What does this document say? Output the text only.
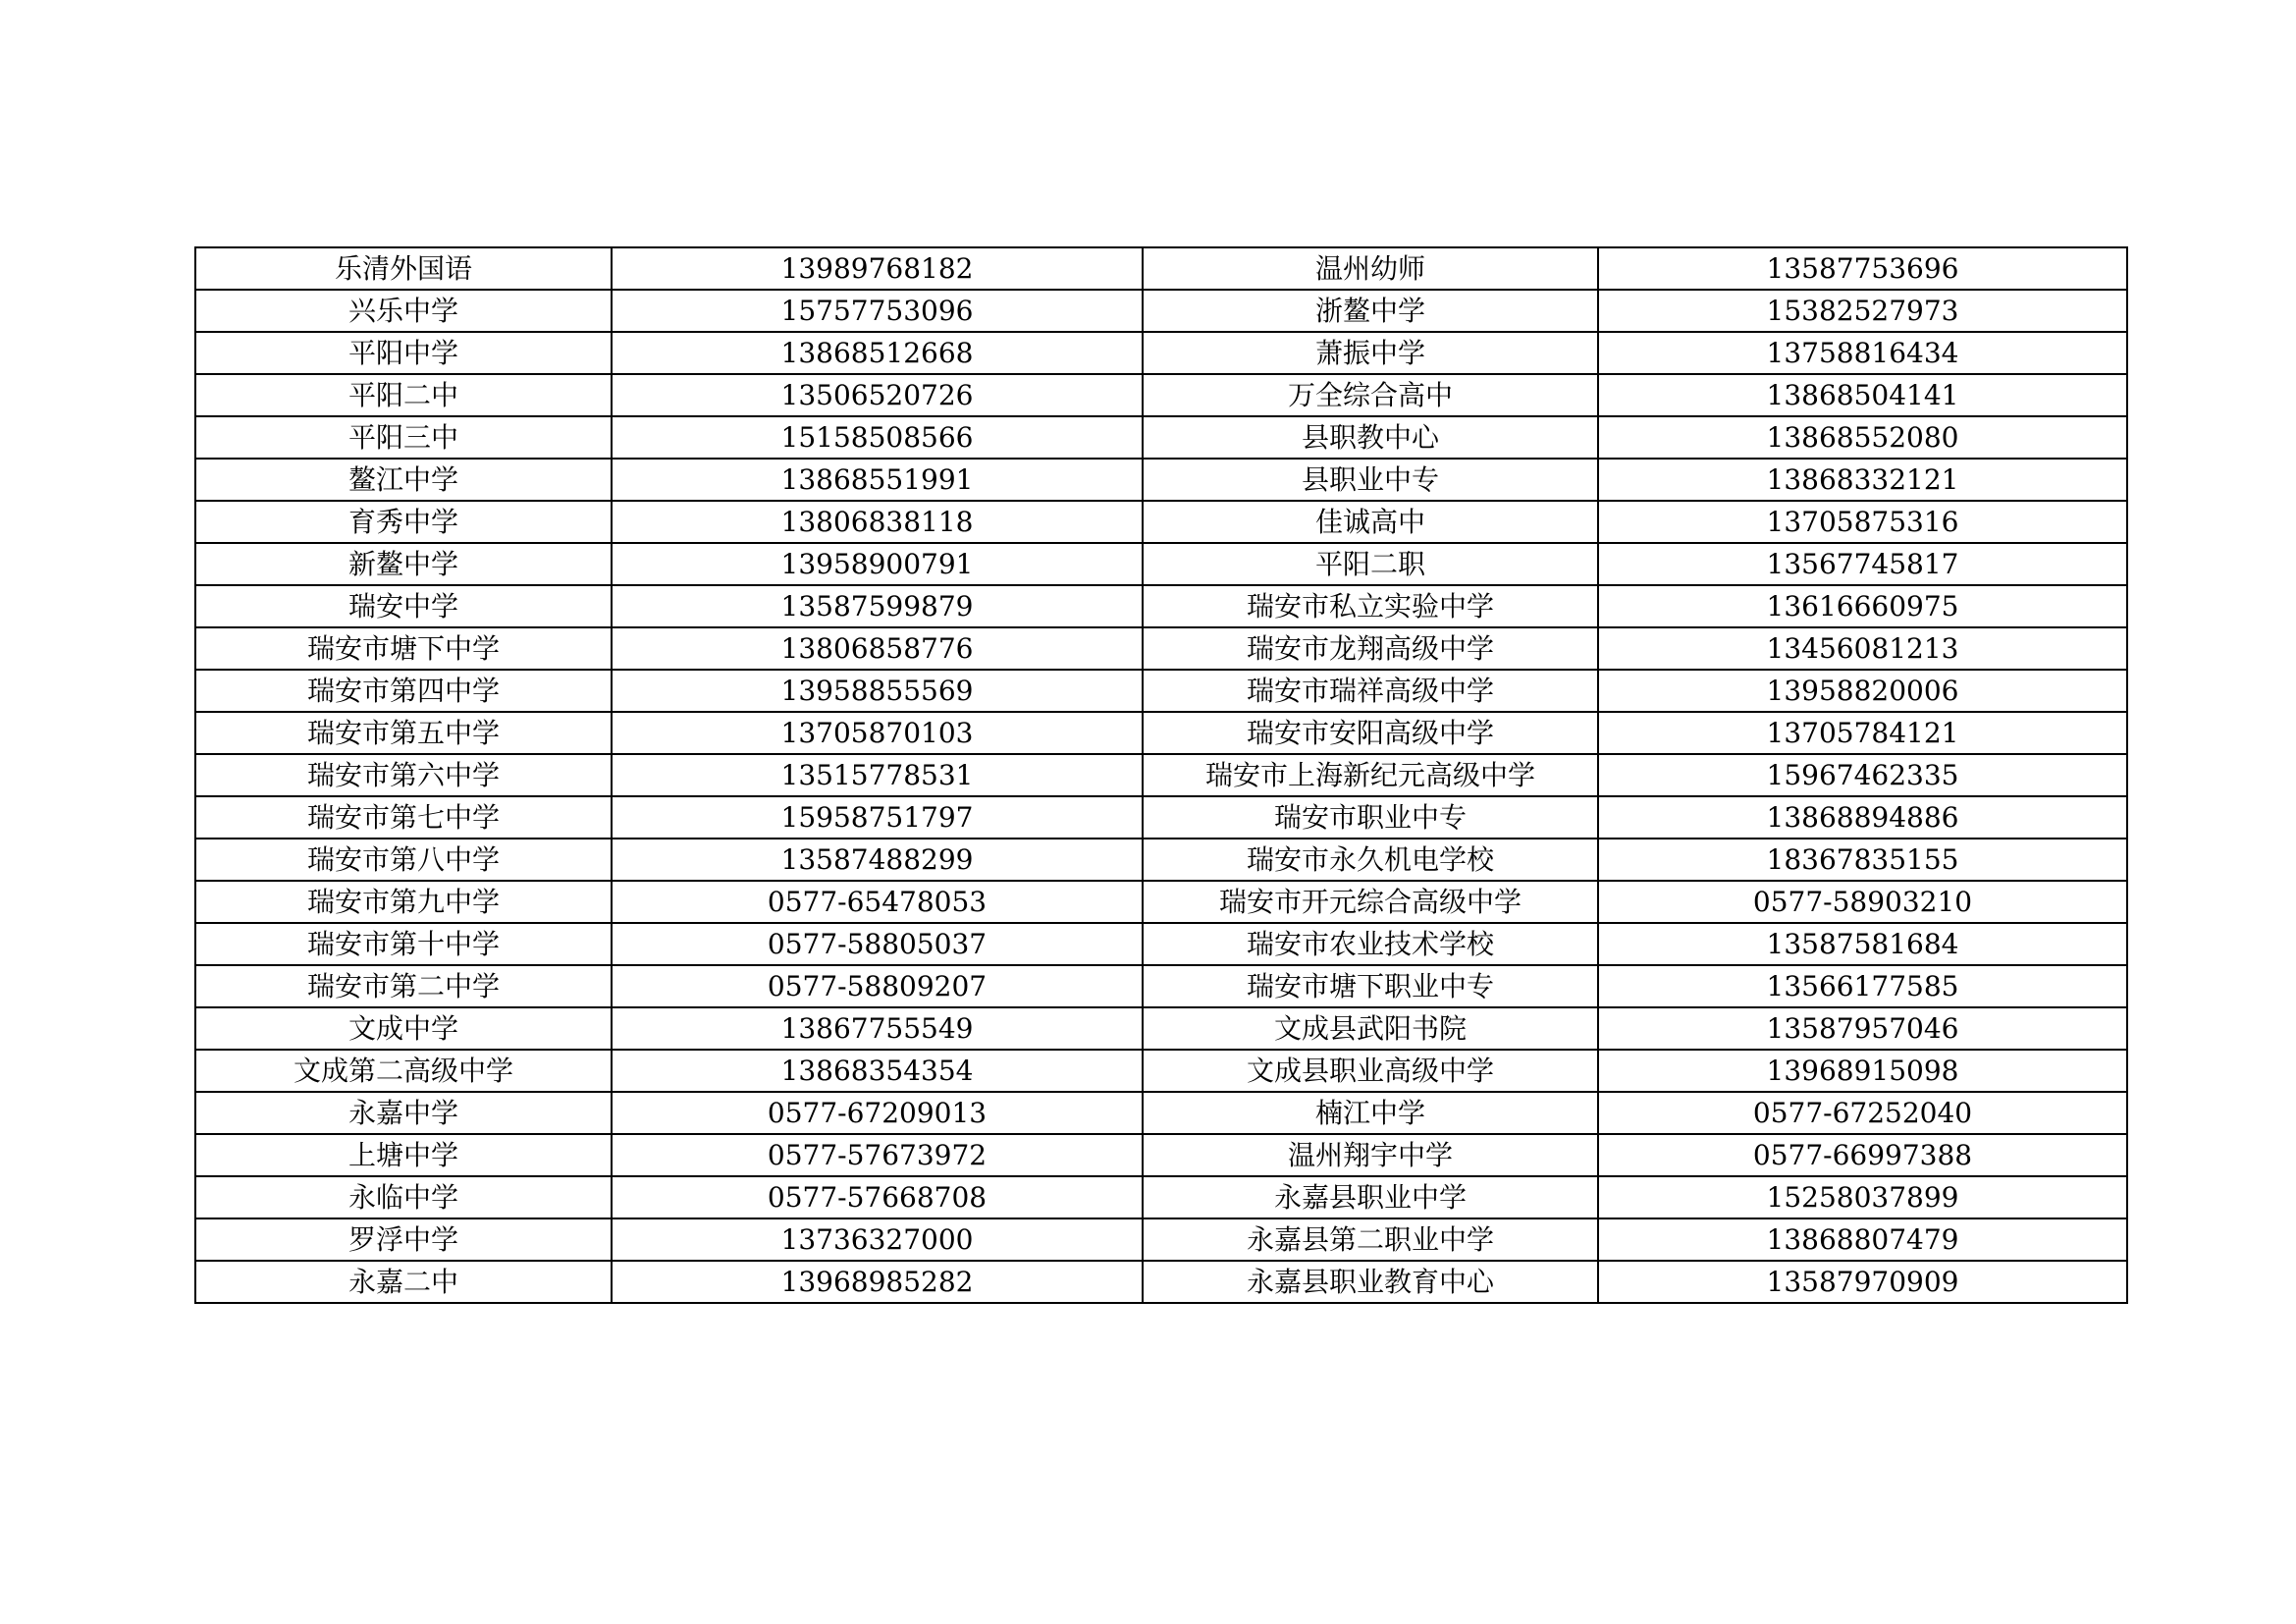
乐清外国语	13989768182	温州幼师	13587753696
兴乐中学	15757753096	浙鳌中学	15382527973
平阳中学	13868512668	萧振中学	13758816434
平阳二中	13506520726	万全综合高中	13868504141
平阳三中	15158508566	县职教中心	13868552080
鳌江中学	13868551991	县职业中专	13868332121
育秀中学	13806838118	佳诚高中	13705875316
新鳌中学	13958900791	平阳二职	13567745817
瑞安中学	13587599879	瑞安市私立实验中学	13616660975
瑞安市塘下中学	13806858776	瑞安市龙翔高级中学	13456081213
瑞安市第四中学	13958855569	瑞安市瑞祥高级中学	13958820006
瑞安市第五中学	13705870103	瑞安市安阳高级中学	13705784121
瑞安市第六中学	13515778531	瑞安市上海新纪元高级中学	15967462335
瑞安市第七中学	15958751797	瑞安市职业中专	13868894886
瑞安市第八中学	13587488299	瑞安市永久机电学校	18367835155
瑞安市第九中学	0577-65478053	瑞安市开元综合高级中学	0577-58903210
瑞安市第十中学	0577-58805037	瑞安市农业技术学校	13587581684
瑞安市第二中学	0577-58809207	瑞安市塘下职业中专	13566177585
文成中学	13867755549	文成县武阳书院	13587957046
文成第二高级中学	13868354354	文成县职业高级中学	13968915098
永嘉中学	0577-67209013	楠江中学	0577-67252040
上塘中学	0577-57673972	温州翔宇中学	0577-66997388
永临中学	0577-57668708	永嘉县职业中学	15258037899
罗浮中学	13736327000	永嘉县第二职业中学	13868807479
永嘉二中	13968985282	永嘉县职业教育中心	13587970909
